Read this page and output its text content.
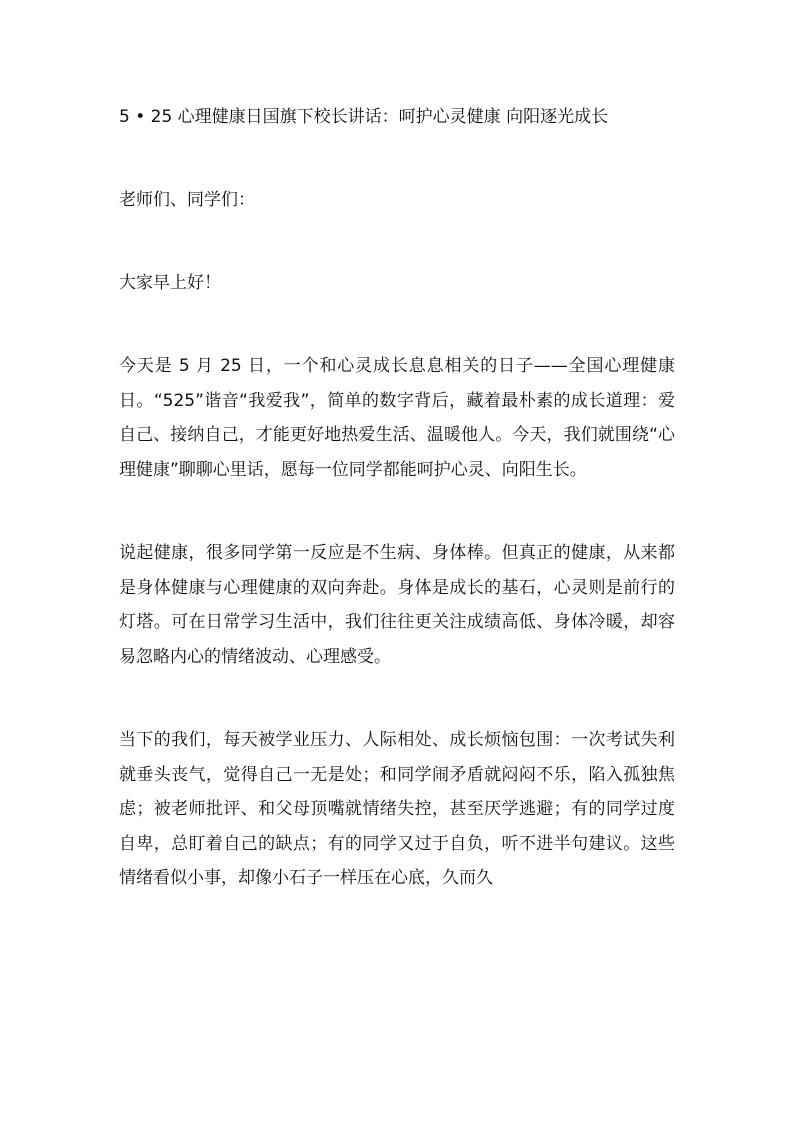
5 • 25 心理健康日国旗下校长讲话：呵护心灵健康 向阳逐光成长

老师们、同学们：

大家早上好！

今天是 5 月 25 日，一个和心灵成长息息相关的日子——全国心理健康日。“525”谐音“我爱我”，简单的数字背后，藏着最朴素的成长道理：爱自己、接纳自己，才能更好地热爱生活、温暖他人。今天，我们就围绕“心理健康”聊聊心里话，愿每一位同学都能呵护心灵、向阳生长。

说起健康，很多同学第一反应是不生病、身体棒。但真正的健康，从来都是身体健康与心理健康的双向奔赴。身体是成长的基石，心灵则是前行的灯塔。可在日常学习生活中，我们往往更关注成绩高低、身体冷暖，却容易忽略内心的情绪波动、心理感受。

当下的我们，每天被学业压力、人际相处、成长烦恼包围：一次考试失利就垂头丧气，觉得自己一无是处；和同学闹矛盾就闷闷不乐，陷入孤独焦虑；被老师批评、和父母顶嘴就情绪失控，甚至厌学逃避；有的同学过度自卑，总盯着自己的缺点；有的同学又过于自负，听不进半句建议。这些情绪看似小事，却像小石子一样压在心底，久而久
